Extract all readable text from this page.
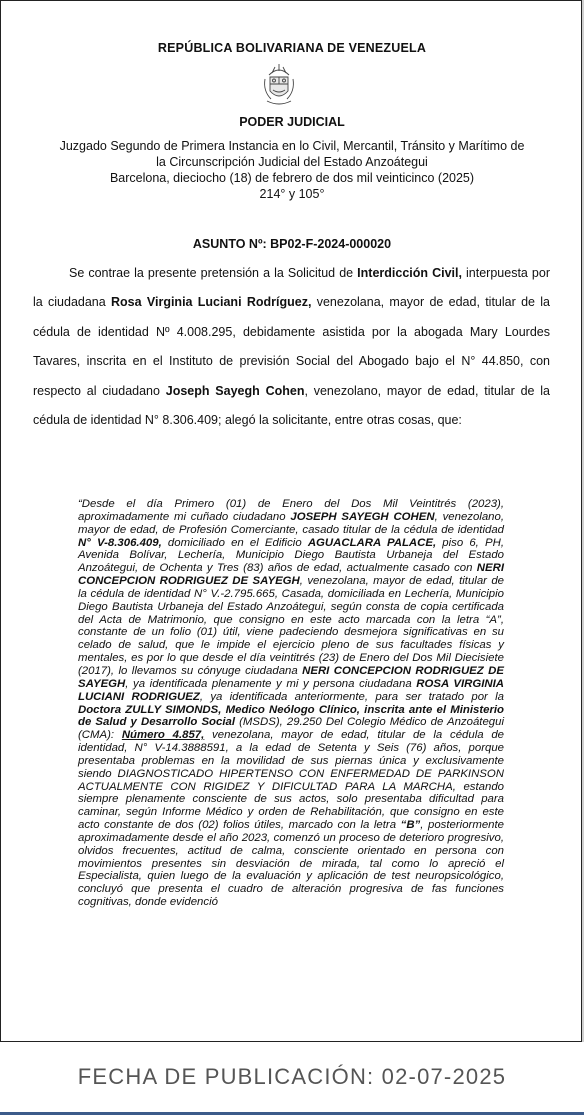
REPÚBLICA BOLIVARIANA DE VENEZUELA
PODER JUDICIAL
Juzgado Segundo de Primera Instancia en lo Civil, Mercantil, Tránsito y Marítimo de
la Circunscripción Judicial del Estado Anzoátegui
Barcelona, dieciocho (18) de febrero de dos mil veinticinco (2025)
214° y 105°
ASUNTO Nº: BP02-F-2024-000020

Se contrae la presente pretensión a la Solicitud de Interdicción Civil, interpuesta por la ciudadana Rosa Virginia Luciani Rodríguez, venezolana, mayor de edad, titular de la cédula de identidad Nº 4.008.295, debidamente asistida por la abogada Mary Lourdes Tavares, inscrita en el Instituto de previsión Social del Abogado bajo el N° 44.850, con respecto al ciudadano Joseph Sayegh Cohen, venezolano, mayor de edad, titular de la cédula de identidad N° 8.306.409; alegó la solicitante, entre otras cosas, que:

“Desde el día Primero (01) de Enero del Dos Mil Veintitrés (2023), aproximadamente mi cuñado ciudadano JOSEPH SAYEGH COHEN, venezolano, mayor de edad, de Profesión Comerciante, casado titular de la cédula de identidad N° V-8.306.409, domiciliado en el Edificio AGUACLARA PALACE, piso 6, PH, Avenida Bolívar, Lechería, Municipio Diego Bautista Urbaneja del Estado Anzoátegui, de Ochenta y Tres (83) años de edad, actualmente casado con NERI CONCEPCION RODRIGUEZ DE SAYEGH, venezolana, mayor de edad, titular de la cédula de identidad N° V.-2.795.665, Casada, domiciliada en Lechería, Municipio Diego Bautista Urbaneja del Estado Anzoátegui, según consta de copia certificada del Acta de Matrimonio, que consigno en este acto marcada con la letra “A”, constante de un folio (01) útil, viene padeciendo desmejora significativas en su celado de salud, que le impide el ejercicio pleno de sus facultades físicas y mentales, es por lo que desde el día veintitrés (23) de Enero del Dos Mil Diecisiete (2017), lo llevamos su cónyuge ciudadana NERI CONCEPCION RODRIGUEZ DE SAYEGH, ya identificada plenamente y mi y persona ciudadana ROSA VIRGINIA LUCIANI RODRIGUEZ, ya identificada anteriormente, para ser tratado por la Doctora ZULLY SIMONDS, Medico Neólogo Clínico, inscrita ante el Ministerio de Salud y Desarrollo Social (MSDS), 29.250 Del Colegio Médico de Anzoátegui (CMA): Número 4.857, venezolana, mayor de edad, titular de la cédula de identidad, N° V-14.3888591, a la edad de Setenta y Seis (76) años, porque presentaba problemas en la movilidad de sus piernas única y exclusivamente siendo DIAGNOSTICADO HIPERTENSO CON ENFERMEDAD DE PARKINSON ACTUALMENTE CON RIGIDEZ Y DIFICULTAD PARA LA MARCHA, estando siempre plenamente consciente de sus actos, solo presentaba dificultad para caminar, según Informe Médico y orden de Rehabilitación, que consigno en este acto constante de dos (02) folios útiles, marcado con la letra “B”, posteriormente aproximadamente desde el año 2023, comenzó un proceso de deterioro progresivo, olvidos frecuentes, actitud de calma, consciente orientado en persona con movimientos presentes sin desviación de mirada, tal como lo apreció el Especialista, quien luego de la evaluación y aplicación de test neuropsicológico, concluyó que presenta el cuadro de alteración progresiva de fas funciones cognitivas, donde evidenció
FECHA DE PUBLICACIÓN: 02-07-2025
